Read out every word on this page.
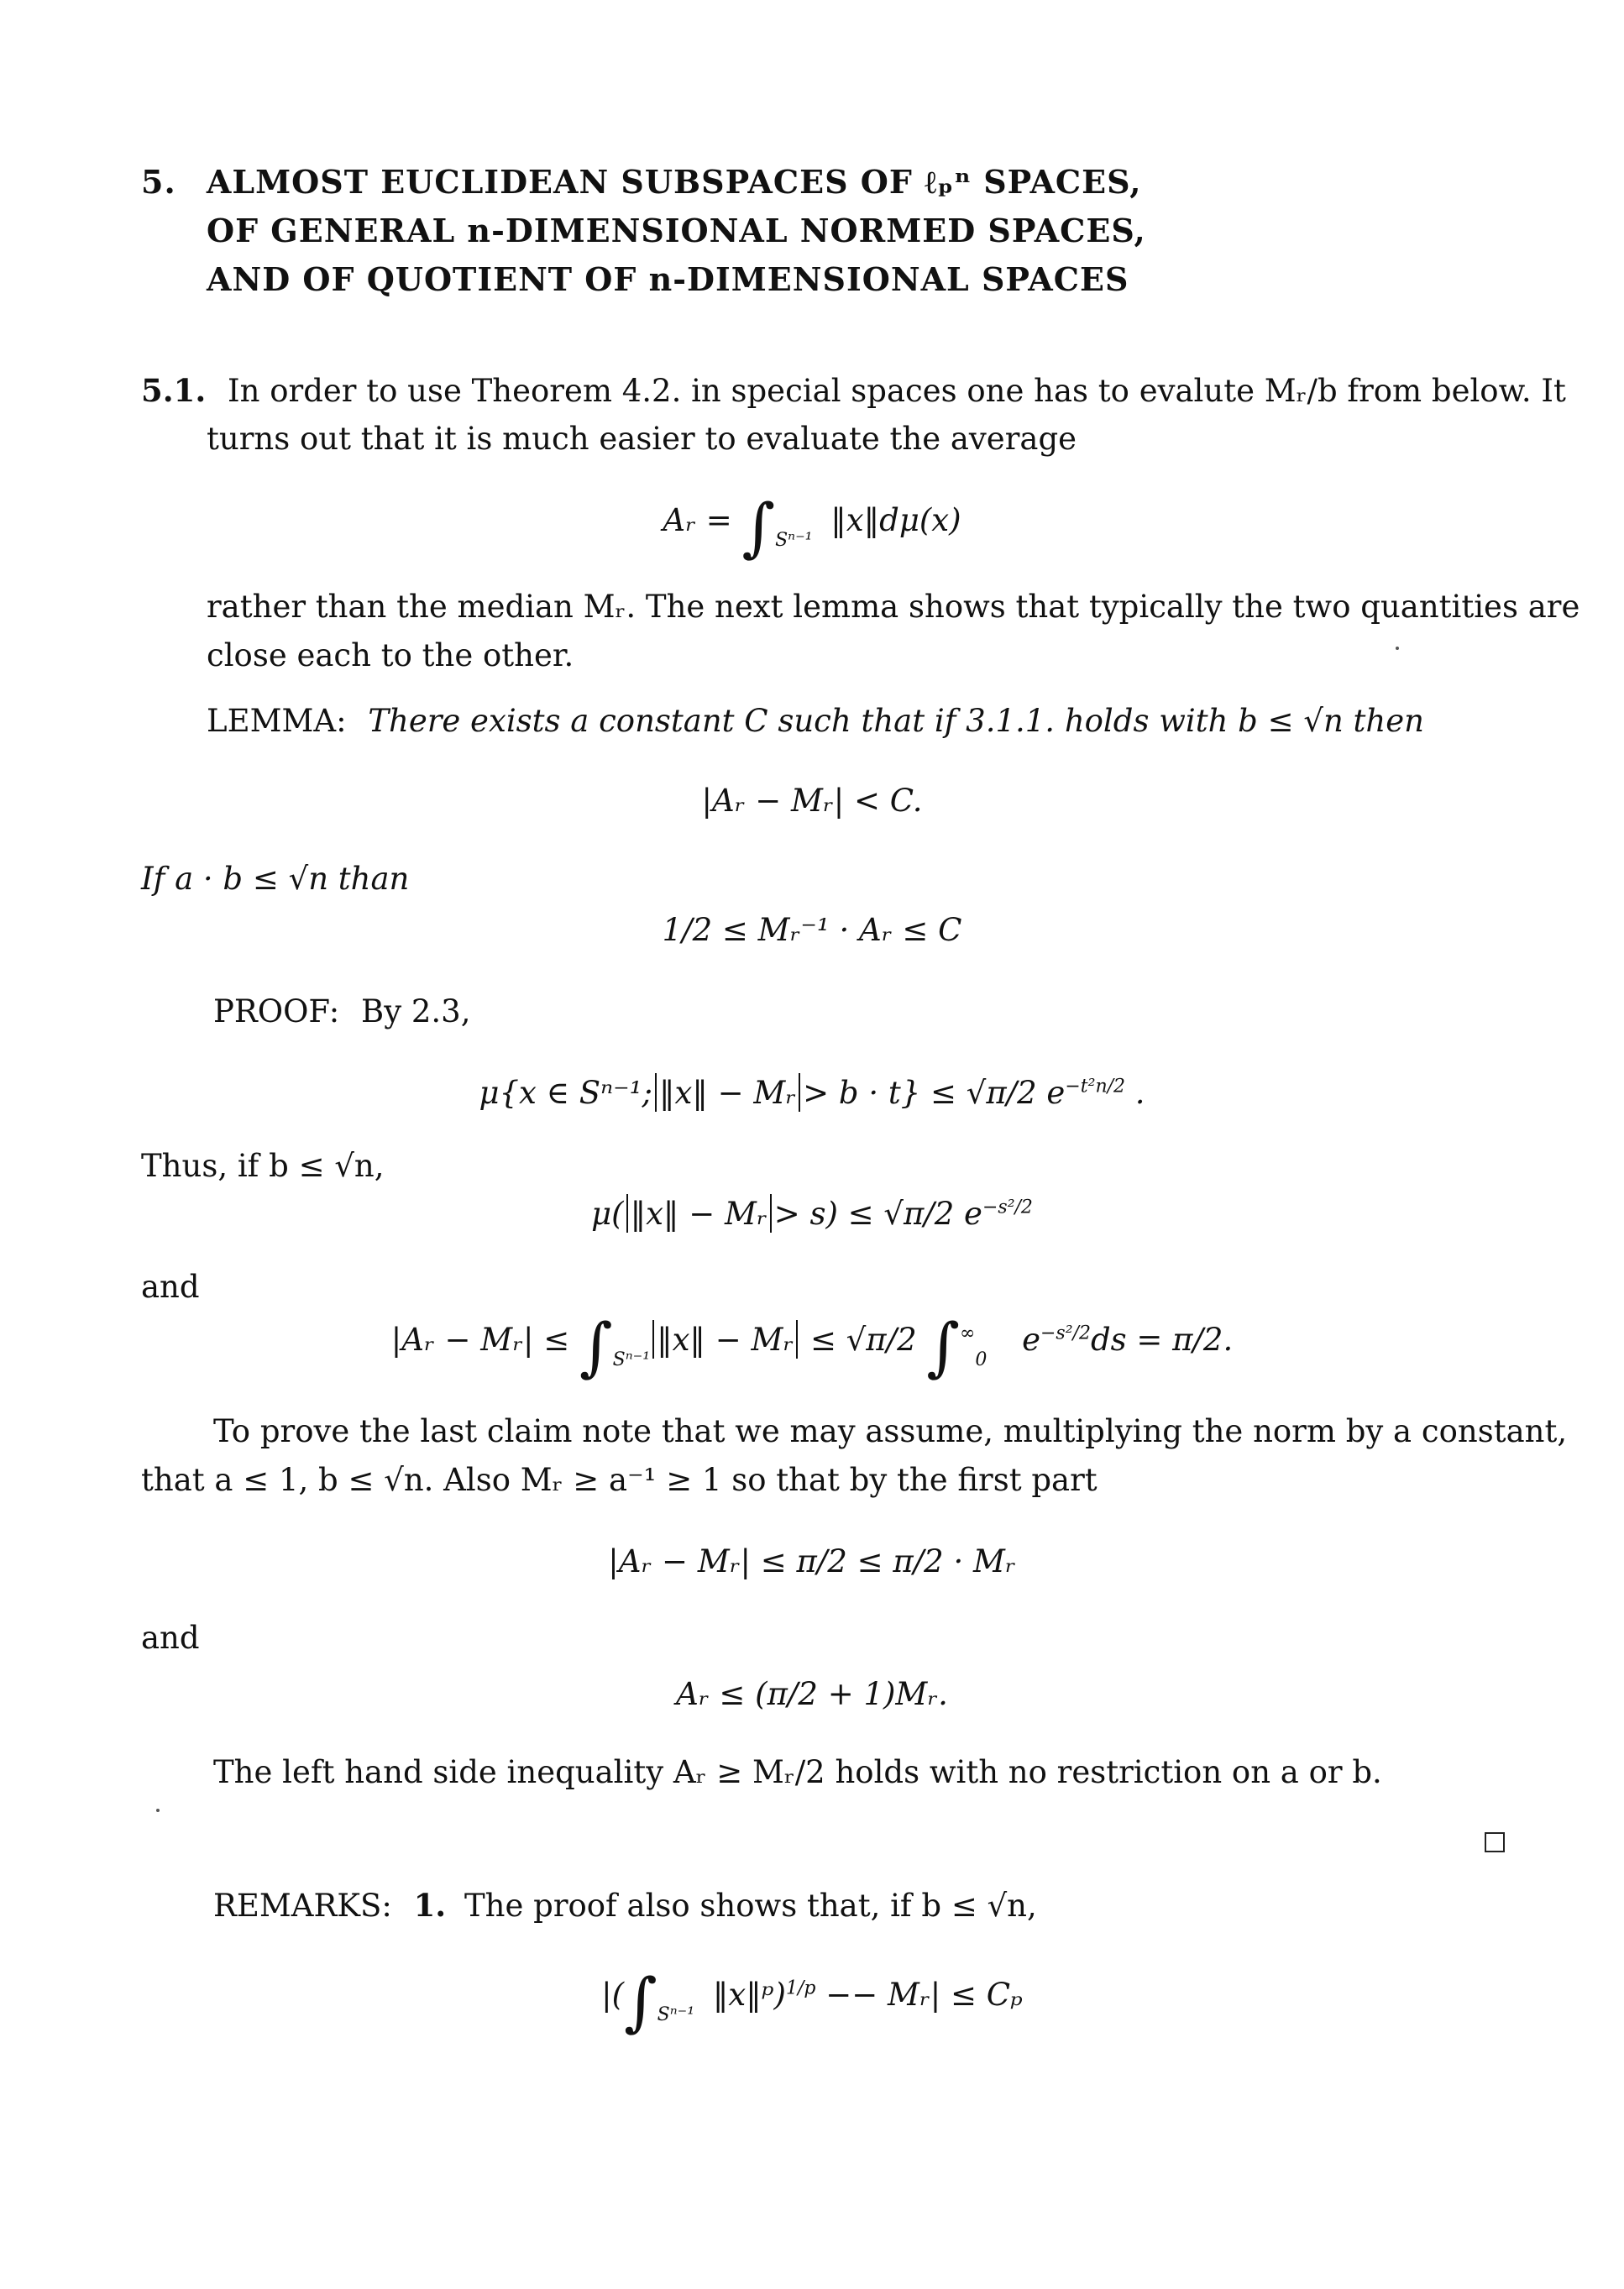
5. ALMOST EUCLIDEAN SUBSPACES OF ℓₚⁿ SPACES,
OF GENERAL n-DIMENSIONAL NORMED SPACES,
AND OF QUOTIENT OF n-DIMENSIONAL SPACES
5.1. In order to use Theorem 4.2. in special spaces one has to evalute Mᵣ/b from below. It
turns out that it is much easier to evaluate the average
Aᵣ = $\int_{S^{n-1}}$ ‖x‖dμ(x)
rather than the median Mᵣ. The next lemma shows that typically the two quantities are
close each to the other.
LEMMA: There exists a constant C such that if 3.1.1. holds with b ≤ √n then
|Aᵣ − Mᵣ| < C.
If a · b ≤ √n than
1/2 ≤ Mᵣ⁻¹ · Aᵣ ≤ C
PROOF: By 2.3,
μ{x ∈ Sⁿ⁻¹; ‖x‖ − Mᵣ > b · t} ≤ √π/2 $e^{-t^2n/2}$ .
Thus, if b ≤ √n,
μ( ‖x‖ − Mᵣ > s) ≤ √π/2 $e^{-s^2/2}$
and
|Aᵣ − Mᵣ| ≤ $\int_{S^{n-1}}‖x‖$ − Mᵣ ≤ √π/2 $\int^\infty_0$ $e^{-s^2/2}ds = \pi/2$.
To prove the last claim note that we may assume, multiplying the norm by a constant,
that a ≤ 1, b ≤ √n. Also Mᵣ ≥ a⁻¹ ≥ 1 so that by the first part
|Aᵣ − Mᵣ| ≤ π/2 ≤ π/2 · Mᵣ
and
Aᵣ ≤ (π/2 + 1)Mᵣ.
The left hand side inequality Aᵣ ≥ Mᵣ/2 holds with no restriction on a or b.
REMARKS: 1. The proof also shows that, if b ≤ √n,
$|(\int_{S^{n-1}}$ ‖x‖ᵖ)$^{1/p}$ −− Mᵣ| ≤ Cₚ
